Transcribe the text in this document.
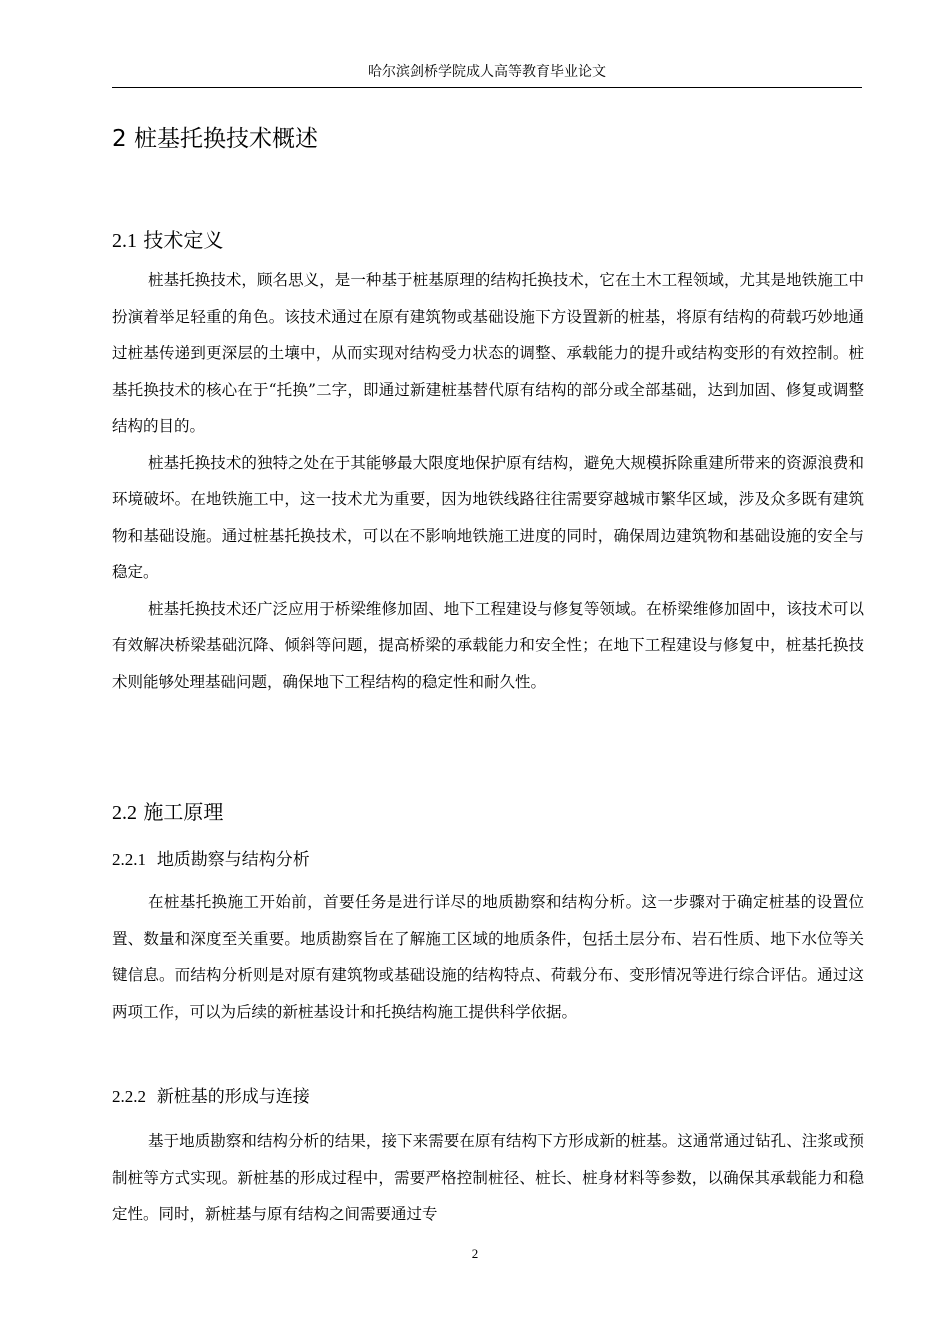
哈尔滨剑桥学院成人高等教育毕业论文
2 桩基托换技术概述
2.1 技术定义

桩基托换技术，顾名思义，是一种基于桩基原理的结构托换技术，它在土木工程领域，尤其是地铁施工中扮演着举足轻重的角色。该技术通过在原有建筑物或基础设施下方设置新的桩基，将原有结构的荷载巧妙地通过桩基传递到更深层的土壤中，从而实现对结构受力状态的调整、承载能力的提升或结构变形的有效控制。桩基托换技术的核心在于“托换”二字，即通过新建桩基替代原有结构的部分或全部基础，达到加固、修复或调整结构的目的。

桩基托换技术的独特之处在于其能够最大限度地保护原有结构，避免大规模拆除重建所带来的资源浪费和环境破坏。在地铁施工中，这一技术尤为重要，因为地铁线路往往需要穿越城市繁华区域，涉及众多既有建筑物和基础设施。通过桩基托换技术，可以在不影响地铁施工进度的同时，确保周边建筑物和基础设施的安全与稳定。

桩基托换技术还广泛应用于桥梁维修加固、地下工程建设与修复等领域。在桥梁维修加固中，该技术可以有效解决桥梁基础沉降、倾斜等问题，提高桥梁的承载能力和安全性；在地下工程建设与修复中，桩基托换技术则能够处理基础问题，确保地下工程结构的稳定性和耐久性。

2.2 施工原理
2.2.1 地质勘察与结构分析

在桩基托换施工开始前，首要任务是进行详尽的地质勘察和结构分析。这一步骤对于确定桩基的设置位置、数量和深度至关重要。地质勘察旨在了解施工区域的地质条件，包括土层分布、岩石性质、地下水位等关键信息。而结构分析则是对原有建筑物或基础设施的结构特点、荷载分布、变形情况等进行综合评估。通过这两项工作，可以为后续的新桩基设计和托换结构施工提供科学依据。

2.2.2 新桩基的形成与连接

基于地质勘察和结构分析的结果，接下来需要在原有结构下方形成新的桩基。这通常通过钻孔、注浆或预制桩等方式实现。新桩基的形成过程中，需要严格控制桩径、桩长、桩身材料等参数，以确保其承载能力和稳定性。同时，新桩基与原有结构之间需要通过专

2
